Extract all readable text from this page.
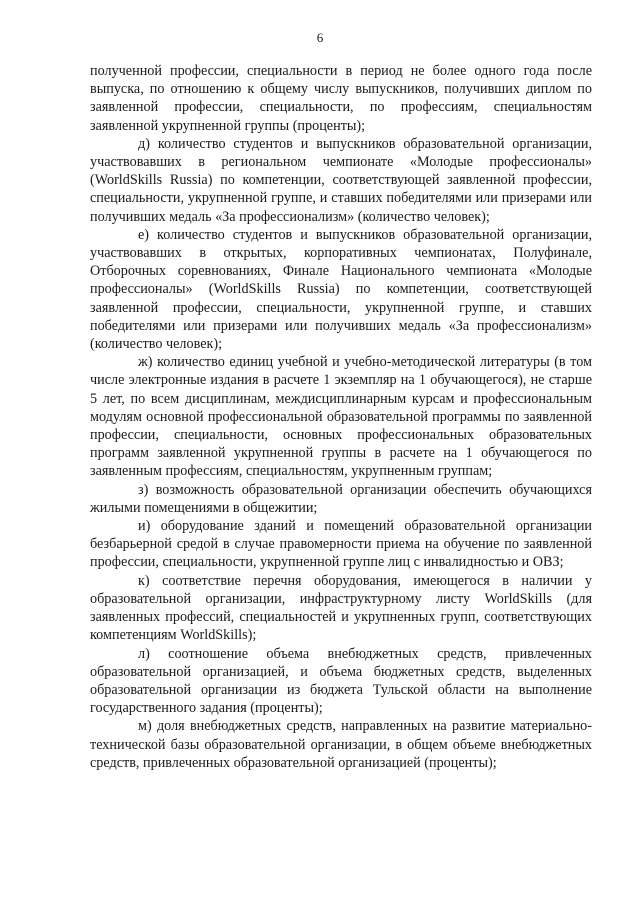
6

полученной профессии, специальности в период не более одного года после выпуска, по отношению к общему числу выпускников, получивших диплом по заявленной профессии, специальности, по профессиям, специальностям заявленной укрупненной группы (проценты);

д) количество студентов и выпускников образовательной организации, участвовавших в региональном чемпионате «Молодые профессионалы» (WorldSkills Russia) по компетенции, соответствующей заявленной профессии, специальности, укрупненной группе, и ставших победителями или призерами или получивших медаль «За профессионализм» (количество человек);

е) количество студентов и выпускников образовательной организации, участвовавших в открытых, корпоративных чемпионатах, Полуфинале, Отборочных соревнованиях, Финале Национального чемпионата «Молодые профессионалы» (WorldSkills Russia) по компетенции, соответствующей заявленной профессии, специальности, укрупненной группе, и ставших победителями или призерами или получивших медаль «За профессионализм» (количество человек);

ж) количество единиц учебной и учебно-методической литературы (в том числе электронные издания в расчете 1 экземпляр на 1 обучающегося), не старше 5 лет, по всем дисциплинам, междисциплинарным курсам и профессиональным модулям основной профессиональной образовательной программы по заявленной профессии, специальности, основных профессиональных образовательных программ заявленной укрупненной группы в расчете на 1 обучающегося по заявленным профессиям, специальностям, укрупненным группам;

з) возможность образовательной организации обеспечить обучающихся жилыми помещениями в общежитии;

и) оборудование зданий и помещений образовательной организации безбарьерной средой в случае правомерности приема на обучение по заявленной профессии, специальности, укрупненной группе лиц с инвалидностью и ОВЗ;

к) соответствие перечня оборудования, имеющегося в наличии у образовательной организации, инфраструктурному листу WorldSkills (для заявленных профессий, специальностей и укрупненных групп, соответствующих компетенциям WorldSkills);

л) соотношение объема внебюджетных средств, привлеченных образовательной организацией, и объема бюджетных средств, выделенных образовательной организации из бюджета Тульской области на выполнение государственного задания (проценты);

м) доля внебюджетных средств, направленных на развитие материально-технической базы образовательной организации, в общем объеме внебюджетных средств, привлеченных образовательной организацией (проценты);
